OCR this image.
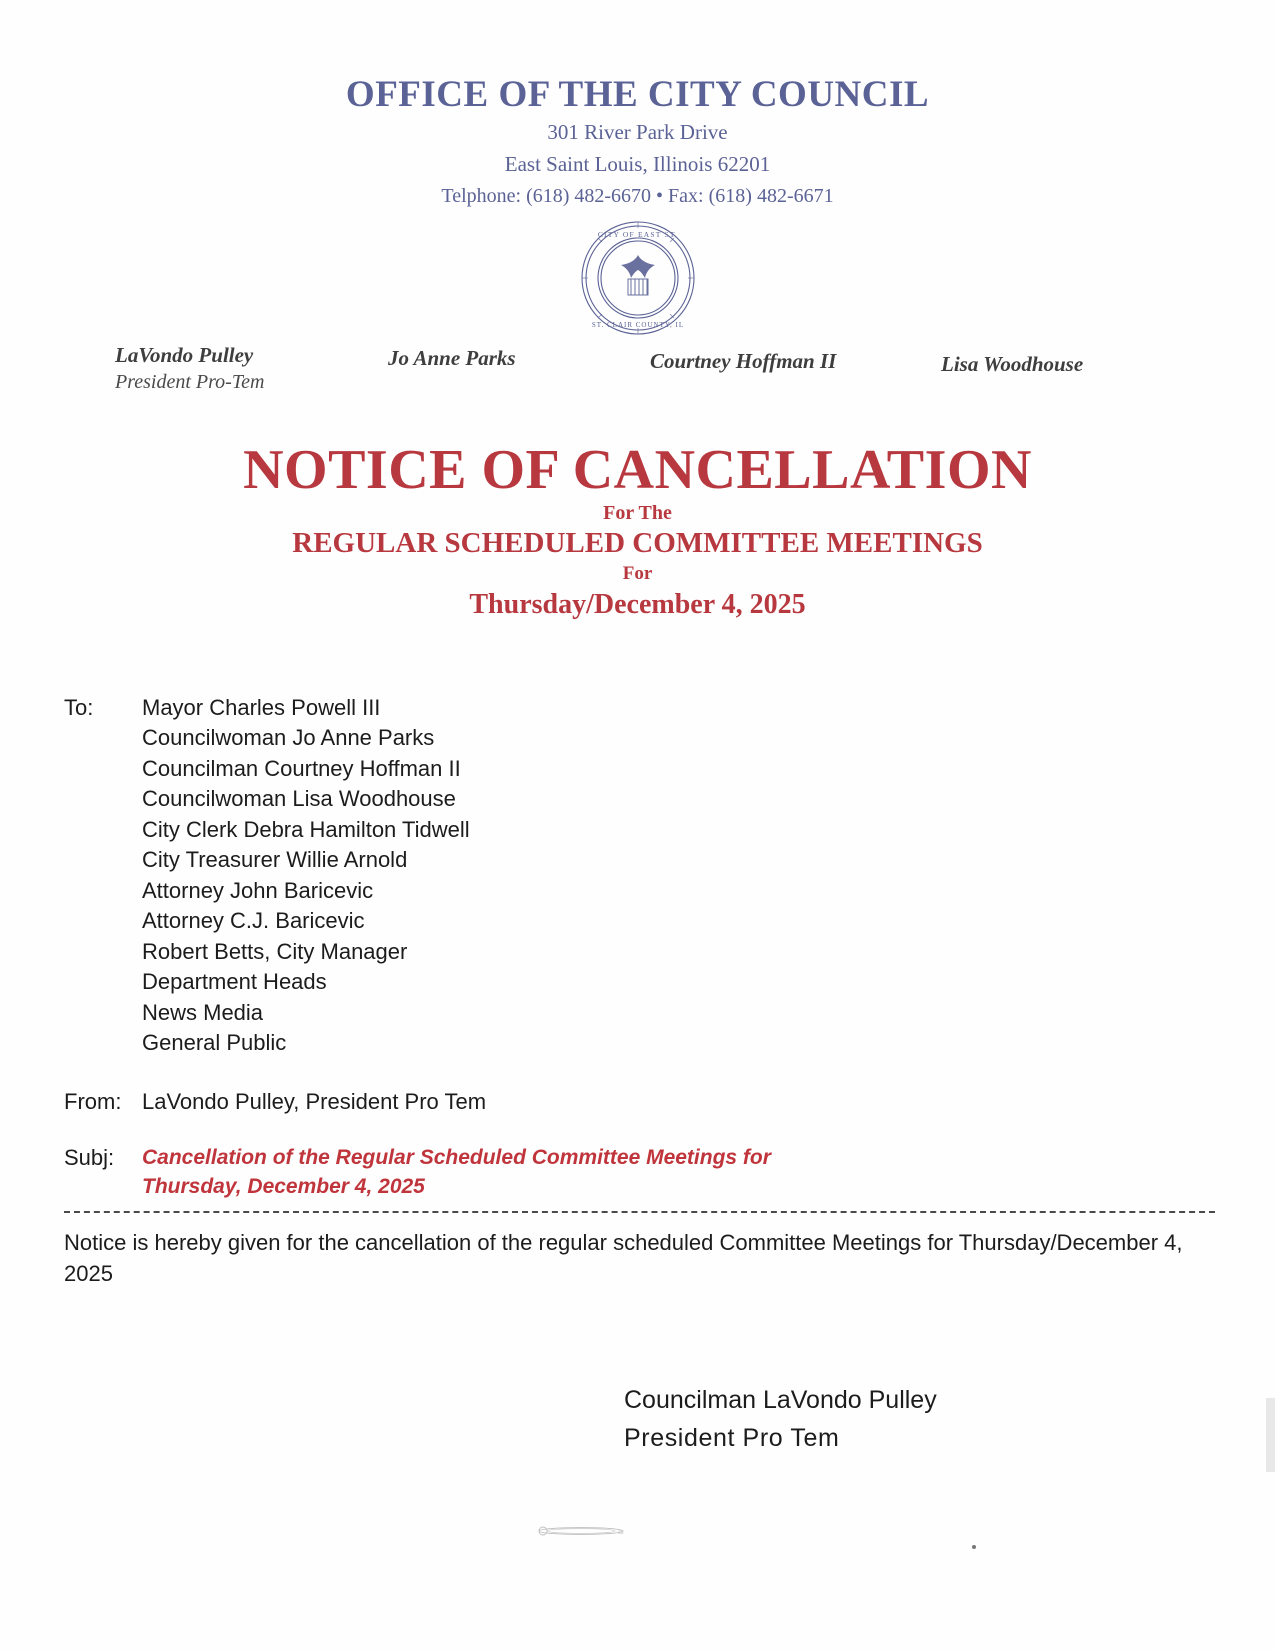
OFFICE OF THE CITY COUNCIL
301 River Park Drive
East Saint Louis, Illinois 62201
Telphone: (618) 482-6670 • Fax: (618) 482-6671
CITY OF EAST ST.
ST. CLAIR COUNTY, IL
LaVondo Pulley
President Pro-Tem
Jo Anne Parks	Courtney Hoffman II	Lisa Woodhouse
NOTICE OF CANCELLATION
For The
REGULAR SCHEDULED COMMITTEE MEETINGS
For
Thursday/December 4, 2025
To:	Mayor Charles Powell III
Councilwoman Jo Anne Parks
Councilman Courtney Hoffman II
Councilwoman Lisa Woodhouse
City Clerk Debra Hamilton Tidwell
City Treasurer Willie Arnold
Attorney John Baricevic
Attorney C.J. Baricevic
Robert Betts, City Manager
Department Heads
News Media
General Public
From: LaVondo Pulley, President Pro Tem
Subj:	Cancellation of the Regular Scheduled Committee Meetings for
Thursday, December 4, 2025
Notice is hereby given for the cancellation of the regular scheduled Committee Meetings for Thursday/December 4, 2025
Councilman LaVondo Pulley
President Pro Tem
38
